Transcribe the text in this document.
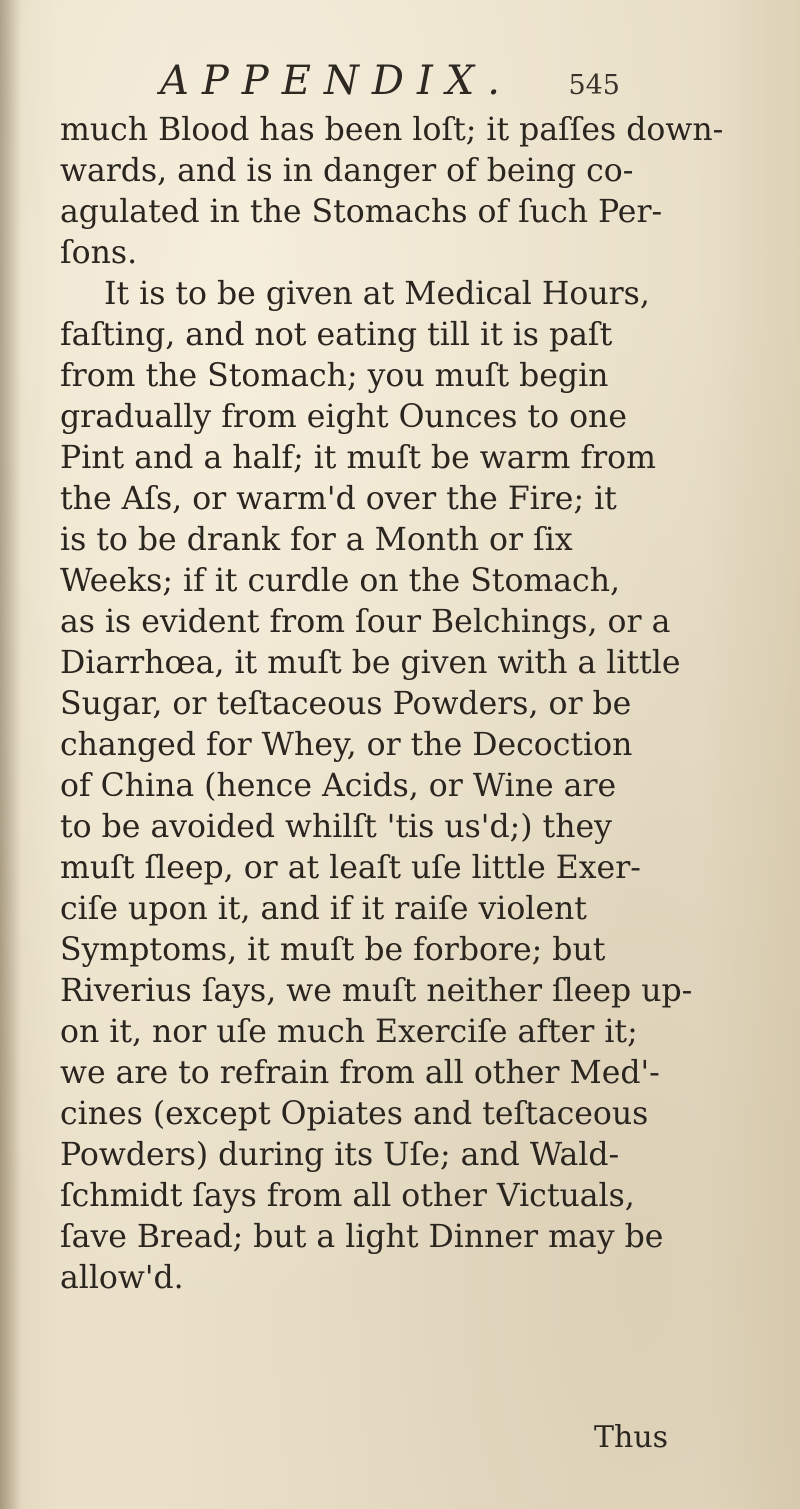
APPENDIX. 545
much Blood has been loſt; it paſſes down-
wards, and is in danger of being co-
agulated in the Stomachs of ſuch Per-
ſons.
It is to be given at Medical Hours,
faſting, and not eating till it is paſt
from the Stomach; you muſt begin
gradually from eight Ounces to one
Pint and a half; it muſt be warm from
the Aſs, or warm'd over the Fire; it
is to be drank for a Month or ſix
Weeks; if it curdle on the Stomach,
as is evident from ſour Belchings, or a
Diarrhœa, it muſt be given with a little
Sugar, or teſtaceous Powders, or be
changed for Whey, or the Decoction
of China (hence Acids, or Wine are
to be avoided whilſt 'tis us'd;) they
muſt ſleep, or at leaſt uſe little Exer-
ciſe upon it, and if it raiſe violent
Symptoms, it muſt be forbore; but
Riverius ſays, we muſt neither ſleep up-
on it, nor uſe much Exerciſe after it;
we are to refrain from all other Med'-
cines (except Opiates and teſtaceous
Powders) during its Uſe; and Wald-
ſchmidt ſays from all other Victuals,
ſave Bread; but a light Dinner may be
allow'd.
Thus
